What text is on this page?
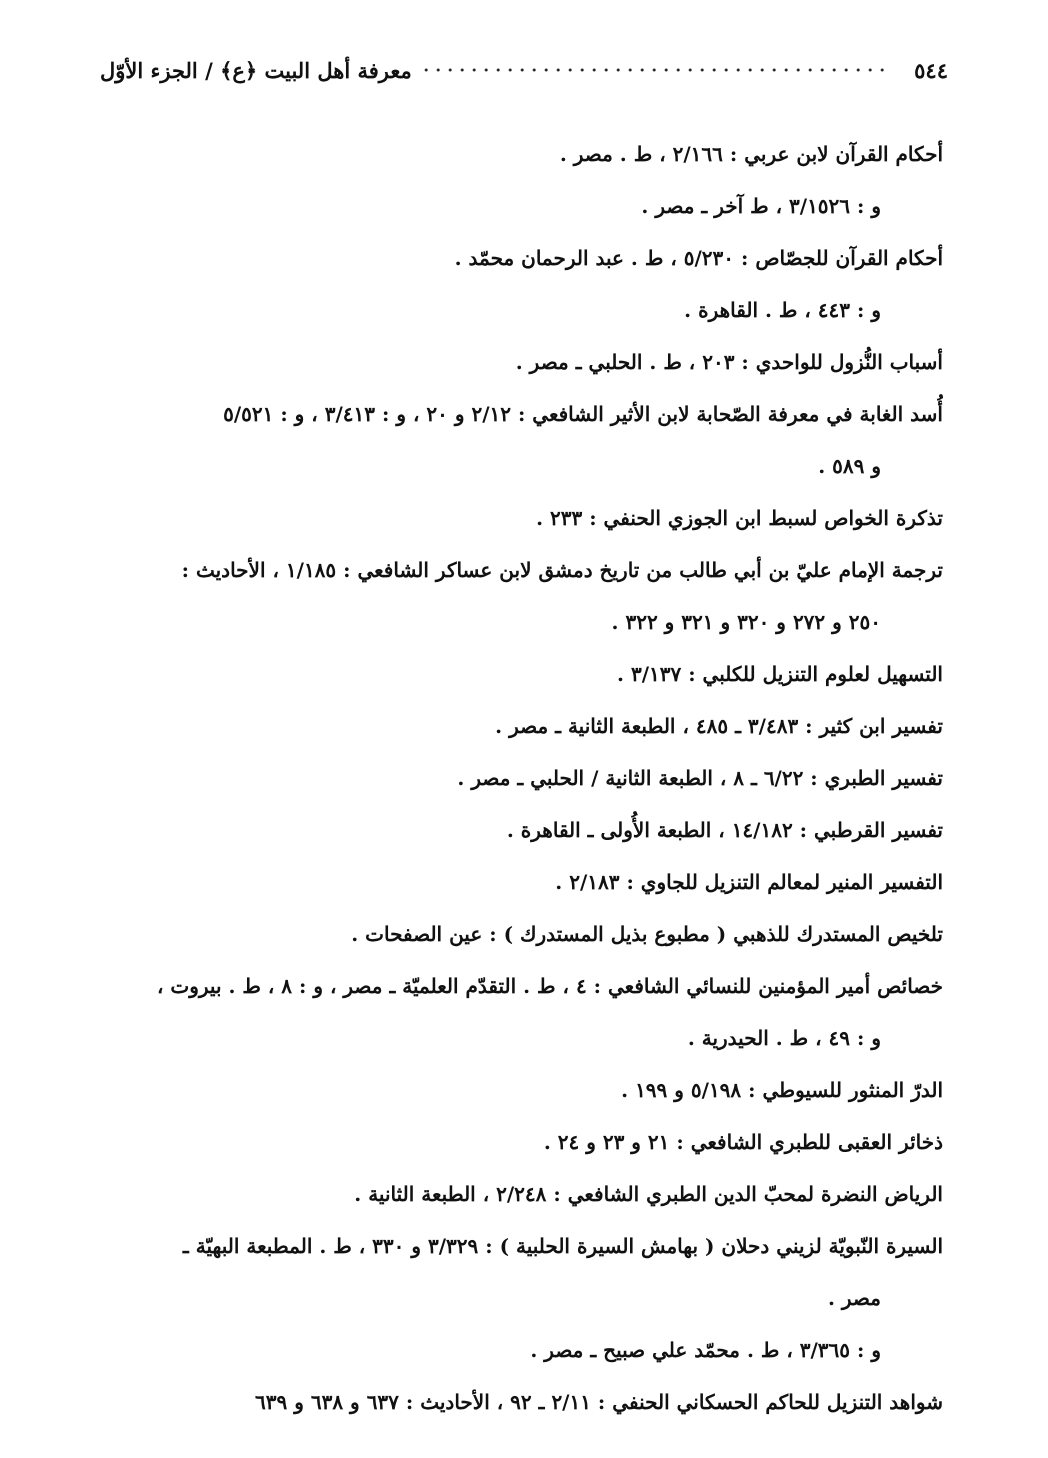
٥٤٤
معرفة أهل البيت ﴿ع﴾ / الجزء الأوّل
أحكام القرآن لابن عربي : ٢/١٦٦ ، ط . مصر .
و : ٣/١٥٢٦ ، ط آخر ـ مصر .
أحكام القرآن للجصّاص : ٥/٢٣٠ ، ط . عبد الرحمان محمّد .
و : ٤٤٣ ، ط . القاهرة .
أسباب النُّزول للواحدي : ٢٠٣ ، ط . الحلبي ـ مصر .
أُسد الغابة في معرفة الصّحابة لابن الأثير الشافعي : ٢/١٢ و ٢٠ ، و : ٣/٤١٣ ، و : ٥/٥٢١
و ٥٨٩ .
تذكرة الخواص لسبط ابن الجوزي الحنفي : ٢٣٣ .
ترجمة الإمام عليّ بن أبي طالب من تاريخ دمشق لابن عساكر الشافعي : ١/١٨٥ ، الأحاديث :
٢٥٠ و ٢٧٢ و ٣٢٠ و ٣٢١ و ٣٢٢ .
التسهيل لعلوم التنزيل للكلبي : ٣/١٣٧ .
تفسير ابن كثير : ٣/٤٨٣ ـ ٤٨٥ ، الطبعة الثانية ـ مصر .
تفسير الطبري : ٦/٢٢ ـ ٨ ، الطبعة الثانية / الحلبي ـ مصر .
تفسير القرطبي : ١٤/١٨٢ ، الطبعة الأُولى ـ القاهرة .
التفسير المنير لمعالم التنزيل للجاوي : ٢/١٨٣ .
تلخيص المستدرك للذهبي ( مطبوع بذيل المستدرك ) : عين الصفحات .
خصائص أمير المؤمنين للنسائي الشافعي : ٤ ، ط . التقدّم العلميّة ـ مصر ، و : ٨ ، ط . بيروت ،
و : ٤٩ ، ط . الحيدرية .
الدرّ المنثور للسيوطي : ٥/١٩٨ و ١٩٩ .
ذخائر العقبى للطبري الشافعي : ٢١ و ٢٣ و ٢٤ .
الرياض النضرة لمحبّ الدين الطبري الشافعي : ٢/٢٤٨ ، الطبعة الثانية .
السيرة النّبويّة لزيني دحلان ( بهامش السيرة الحلبية ) : ٣/٣٢٩ و ٣٣٠ ، ط . المطبعة البهيّة ـ
مصر .
و : ٣/٣٦٥ ، ط . محمّد علي صبيح ـ مصر .
شواهد التنزيل للحاكم الحسكاني الحنفي : ٢/١١ ـ ٩٢ ، الأحاديث : ٦٣٧ و ٦٣٨ و ٦٣٩
